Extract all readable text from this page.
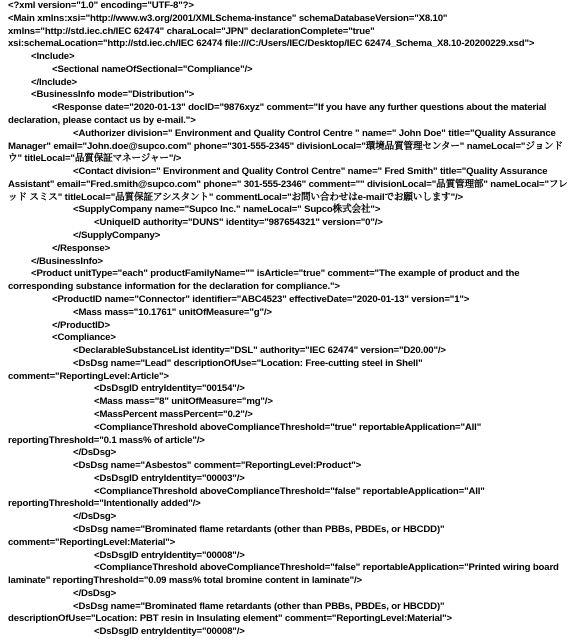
<?xml version="1.0" encoding="UTF-8"?>
<Main xmlns:xsi="http://www.w3.org/2001/XMLSchema-instance" schemaDatabaseVersion="X8.10"
xmlns="http://std.iec.ch/IEC 62474" charaLocal="JPN" declarationComplete="true"
xsi:schemaLocation="http://std.iec.ch/IEC 62474 file:///C:/Users/IEC/Desktop/IEC 62474_Schema_X8.10-20200229.xsd">
<Include>
<Sectional nameOfSectional="Compliance"/>
</Include>
<BusinessInfo mode="Distribution">
<Response date="2020-01-13" docID="9876xyz" comment="If you have any further questions about the material
declaration, please contact us by e-mail.">
<Authorizer division=" Environment and Quality Control Centre " name=" John Doe" title="Quality Assurance
Manager" email="John.doe@supco.com" phone="301-555-2345" divisionLocal="環境品質管理センター" nameLocal="ジョンド
ウ" titleLocal="品質保証マネージャー"/>
<Contact division=" Environment and Quality Control Centre" name=" Fred Smith" title="Quality Assurance
Assistant" email="Fred.smith@supco.com" phone=" 301-555-2346" comment="" divisionLocal="品質管理部" nameLocal="フレ
ッド スミス" titleLocal="品質保証アシスタント" commentLocal="お問い合わせはe-mailでお願いします"/>
<SupplyCompany name="Supco Inc." nameLocal=" Supco株式会社">
<UniqueID authority="DUNS" identity="987654321" version="0"/>
</SupplyCompany>
</Response>
</BusinessInfo>
<Product unitType="each" productFamilyName="" isArticle="true" comment="The example of product and the
corresponding substance information for the declaration for compliance.">
<ProductID name="Connector" identifier="ABC4523" effectiveDate="2020-01-13" version="1">
<Mass mass="10.1761" unitOfMeasure="g"/>
</ProductID>
<Compliance>
<DeclarableSubstanceList identity="DSL" authority="IEC 62474" version="D20.00"/>
<DsDsg name="Lead" descriptionOfUse="Location: Free-cutting steel in Shell"
comment="ReportingLevel:Article">
<DsDsgID entryIdentity="00154"/>
<Mass mass="8" unitOfMeasure="mg"/>
<MassPercent massPercent="0.2"/>
<ComplianceThreshold aboveComplianceThreshold="true" reportableApplication="All"
reportingThreshold="0.1 mass% of article"/>
</DsDsg>
<DsDsg name="Asbestos" comment="ReportingLevel:Product">
<DsDsgID entryIdentity="00003"/>
<ComplianceThreshold aboveComplianceThreshold="false" reportableApplication="All"
reportingThreshold="Intentionally added"/>
</DsDsg>
<DsDsg name="Brominated flame retardants (other than PBBs, PBDEs, or HBCDD)"
comment="ReportingLevel:Material">
<DsDsgID entryIdentity="00008"/>
<ComplianceThreshold aboveComplianceThreshold="false" reportableApplication="Printed wiring board
laminate" reportingThreshold="0.09 mass% total bromine content in laminate"/>
</DsDsg>
<DsDsg name="Brominated flame retardants (other than PBBs, PBDEs, or HBCDD)"
descriptionOfUse="Location: PBT resin in Insulating element" comment="ReportingLevel:Material">
<DsDsgID entryIdentity="00008"/>
